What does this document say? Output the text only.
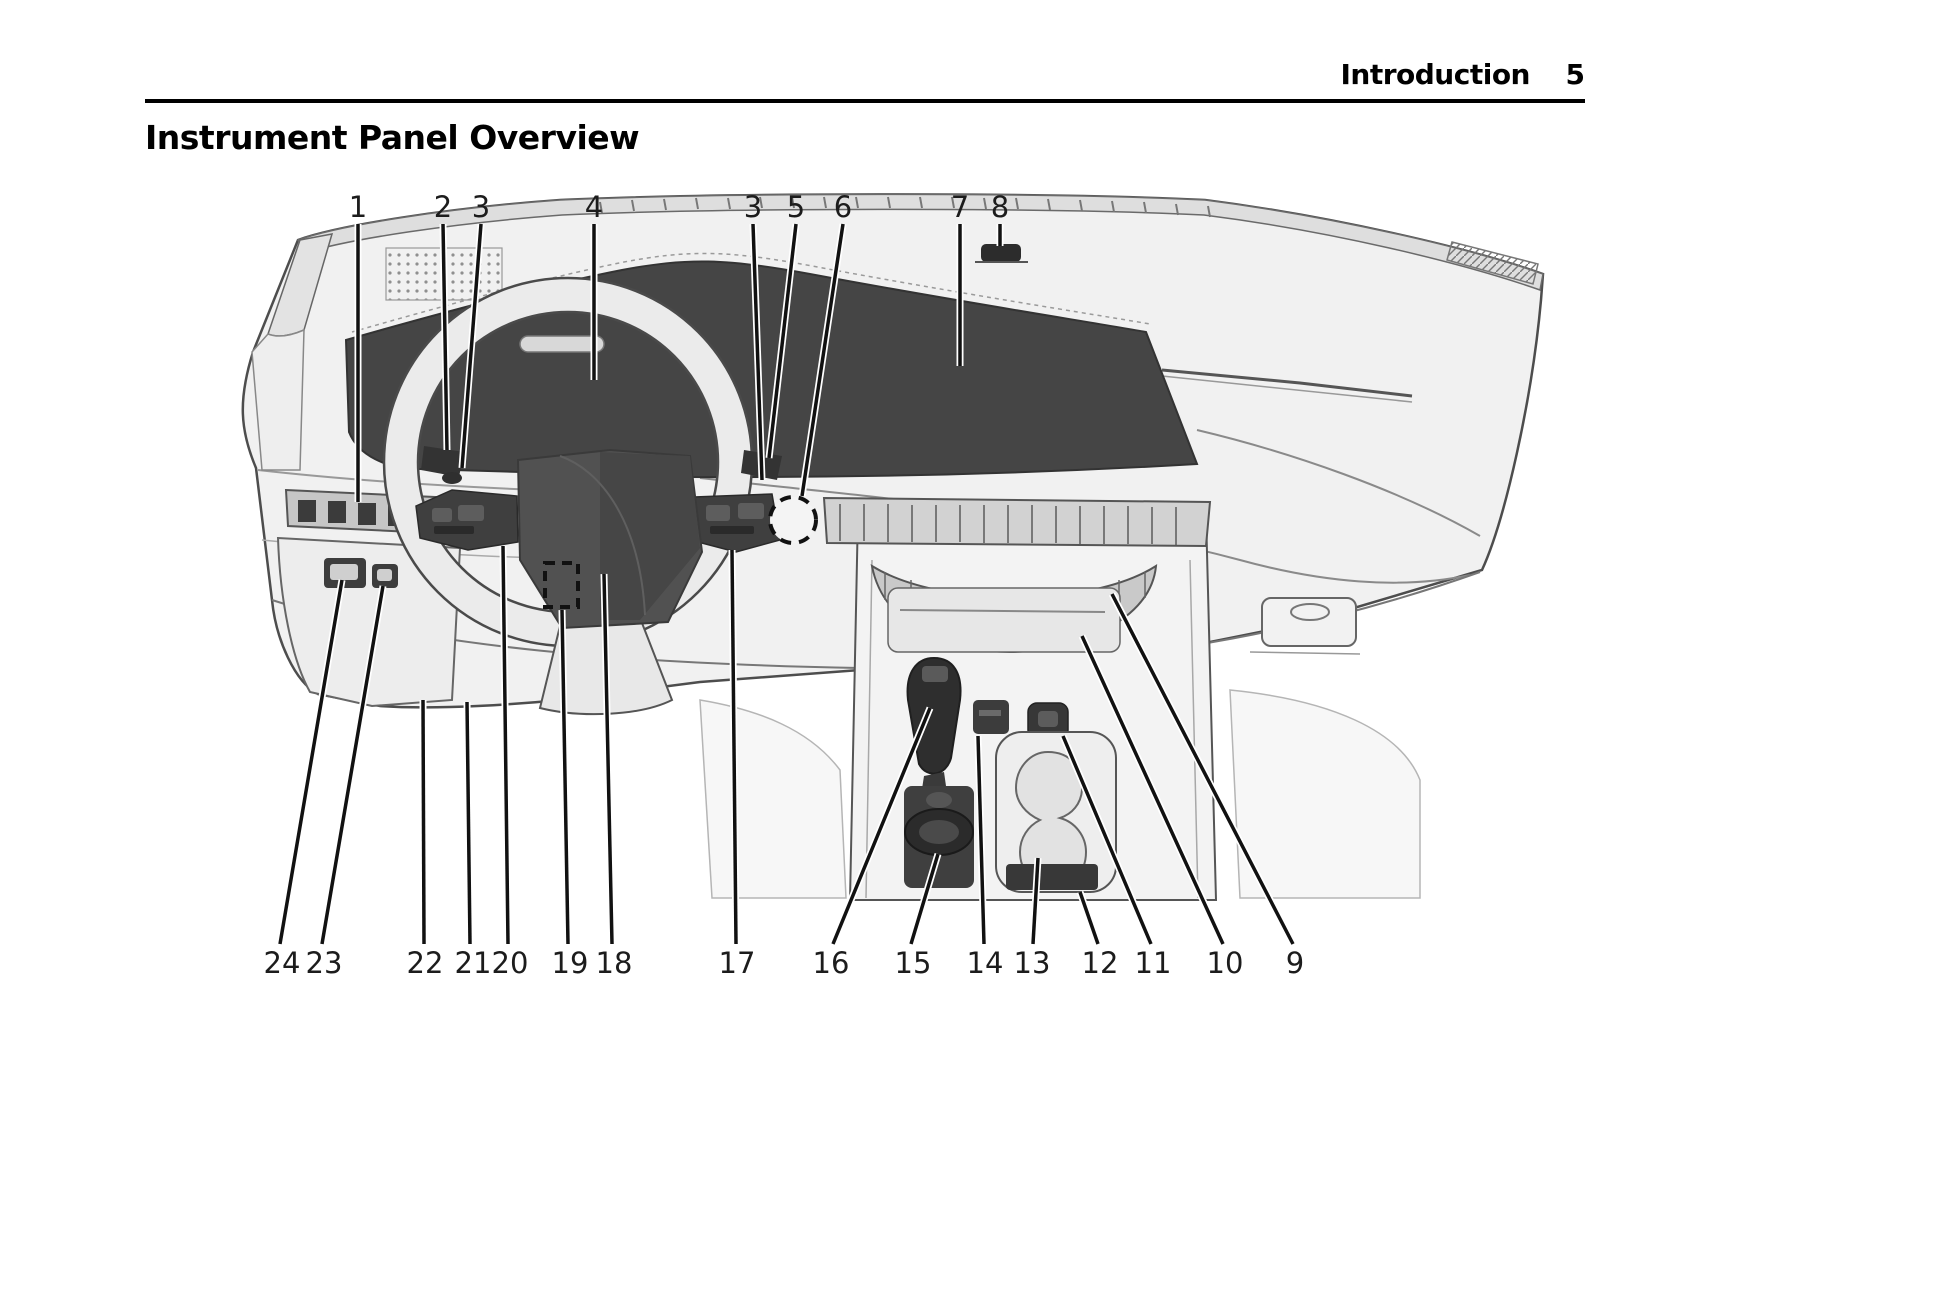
Introduction 5
Instrument Panel Overview
1 2 3	4	3 5 6	7 8
24 23 22 21 20 19 18	17 16 15 14 13 12 11 10 9
